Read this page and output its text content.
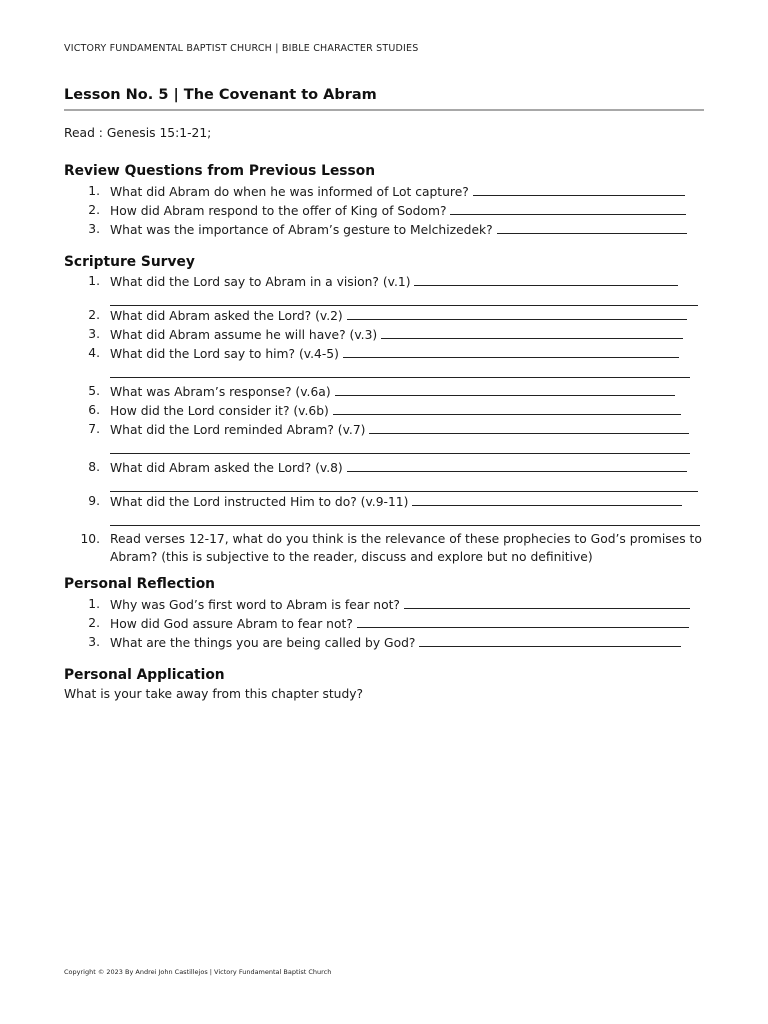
VICTORY FUNDAMENTAL BAPTIST CHURCH | BIBLE CHARACTER STUDIES
Lesson No. 5 | The Covenant to Abram
Read : Genesis 15:1-21;
Review Questions from Previous Lesson
1. What did Abram do when he was informed of Lot capture?
2. How did Abram respond to the offer of King of Sodom?
3. What was the importance of Abram’s gesture to Melchizedek?
Scripture Survey
1. What did the Lord say to Abram in a vision? (v.1)
2. What did Abram asked the Lord? (v.2)
3. What did Abram assume he will have? (v.3)
4. What did the Lord say to him? (v.4-5)
5. What was Abram’s response? (v.6a)
6. How did the Lord consider it? (v.6b)
7. What did the Lord reminded Abram? (v.7)
8. What did Abram asked the Lord? (v.8)
9. What did the Lord instructed Him to do? (v.9-11)
10. Read verses 12-17, what do you think is the relevance of these prophecies to God’s promises to Abram? (this is subjective to the reader, discuss and explore but no definitive)
Personal Reflection
1. Why was God’s first word to Abram is fear not?
2. How did God assure Abram to fear not?
3. What are the things you are being called by God?
Personal Application
What is your take away from this chapter study?
Copyright © 2023 By Andrei John Castillejos | Victory Fundamental Baptist Church
